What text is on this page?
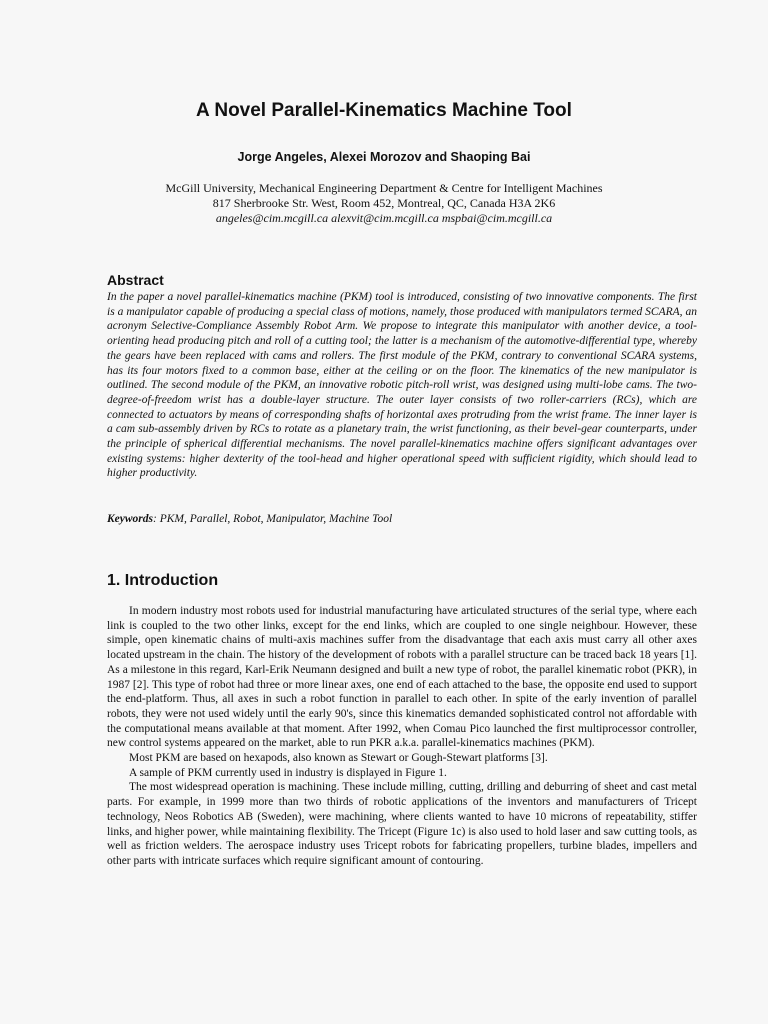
A Novel Parallel-Kinematics Machine Tool
Jorge Angeles, Alexei Morozov and Shaoping Bai
McGill University, Mechanical Engineering Department & Centre for Intelligent Machines
817 Sherbrooke Str. West, Room 452, Montreal, QC, Canada H3A 2K6
angeles@cim.mcgill.ca alexvit@cim.mcgill.ca mspbai@cim.mcgill.ca
Abstract

In the paper a novel parallel-kinematics machine (PKM) tool is introduced, consisting of two innovative components. The first is a manipulator capable of producing a special class of motions, namely, those produced with manipulators termed SCARA, an acronym Selective-Compliance Assembly Robot Arm. We propose to integrate this manipulator with another device, a tool-orienting head producing pitch and roll of a cutting tool; the latter is a mechanism of the automotive-differential type, whereby the gears have been replaced with cams and rollers. The first module of the PKM, contrary to conventional SCARA systems, has its four motors fixed to a common base, either at the ceiling or on the floor. The kinematics of the new manipulator is outlined. The second module of the PKM, an innovative robotic pitch-roll wrist, was designed using multi-lobe cams. The two-degree-of-freedom wrist has a double-layer structure. The outer layer consists of two roller-carriers (RCs), which are connected to actuators by means of corresponding shafts of horizontal axes protruding from the wrist frame. The inner layer is a cam sub-assembly driven by RCs to rotate as a planetary train, the wrist functioning, as their bevel-gear counterparts, under the principle of spherical differential mechanisms. The novel parallel-kinematics machine offers significant advantages over existing systems: higher dexterity of the tool-head and higher operational speed with sufficient rigidity, which should lead to higher productivity.

Keywords: PKM, Parallel, Robot, Manipulator, Machine Tool
1. Introduction

In modern industry most robots used for industrial manufacturing have articulated structures of the serial type, where each link is coupled to the two other links, except for the end links, which are coupled to one single neighbour. However, these simple, open kinematic chains of multi-axis machines suffer from the disadvantage that each axis must carry all other axes located upstream in the chain. The history of the development of robots with a parallel structure can be traced back 18 years [1]. As a milestone in this regard, Karl-Erik Neumann designed and built a new type of robot, the parallel kinematic robot (PKR), in 1987 [2]. This type of robot had three or more linear axes, one end of each attached to the base, the opposite end used to support the end-platform. Thus, all axes in such a robot function in parallel to each other. In spite of the early invention of parallel robots, they were not used widely until the early 90's, since this kinematics demanded sophisticated control not affordable with the computational means available at that moment. After 1992, when Comau Pico launched the first multiprocessor controller, new control systems appeared on the market, able to run PKR a.k.a. parallel-kinematics machines (PKM).

Most PKM are based on hexapods, also known as Stewart or Gough-Stewart platforms [3].

A sample of PKM currently used in industry is displayed in Figure 1.

The most widespread operation is machining. These include milling, cutting, drilling and deburring of sheet and cast metal parts. For example, in 1999 more than two thirds of robotic applications of the inventors and manufacturers of Tricept technology, Neos Robotics AB (Sweden), were machining, where clients wanted to have 10 microns of repeatability, stiffer links, and higher power, while maintaining flexibility. The Tricept (Figure 1c) is also used to hold laser and saw cutting tools, as well as friction welders. The aerospace industry uses Tricept robots for fabricating propellers, turbine blades, impellers and other parts with intricate surfaces which require significant amount of contouring.
